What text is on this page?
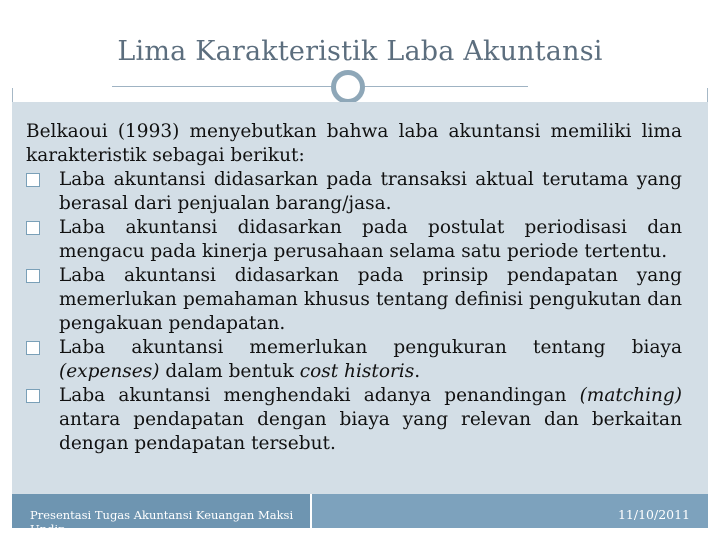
Lima Karakteristik Laba Akuntansi

Belkaoui (1993) menyebutkan bahwa laba akuntansi memiliki lima karakteristik sebagai berikut:

Laba akuntansi didasarkan pada transaksi aktual terutama yang berasal dari penjualan barang/jasa.

Laba akuntansi didasarkan pada postulat periodisasi dan mengacu pada kinerja perusahaan selama satu periode tertentu.

Laba akuntansi didasarkan pada prinsip pendapatan yang memerlukan pemahaman khusus tentang definisi pengukutan dan pengakuan pendapatan.

Laba akuntansi memerlukan pengukuran tentang biaya (expenses) dalam bentuk cost historis.

Laba akuntansi menghendaki adanya penandingan (matching) antara pendapatan dengan biaya yang relevan dan berkaitan dengan pendapatan tersebut.

Presentasi Tugas Akuntansi Keuangan Maksi Undip
11/10/2011
